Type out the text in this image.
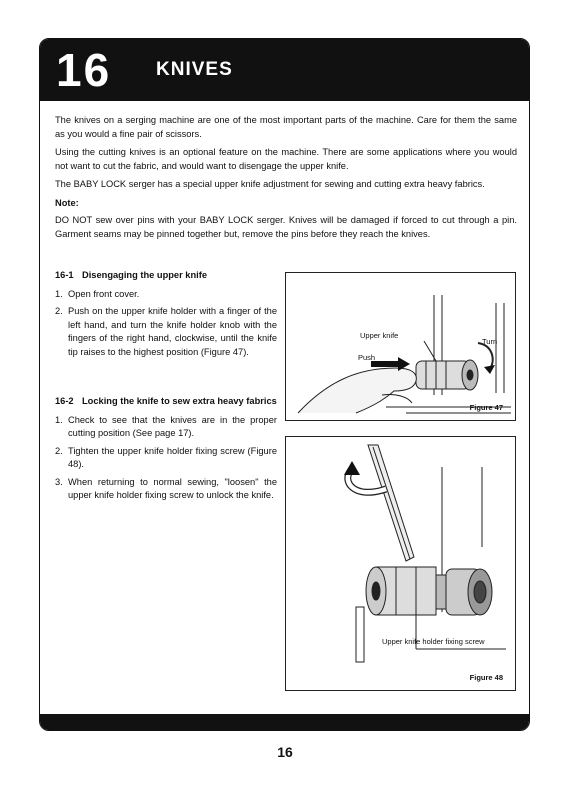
16 KNIVES

The knives on a serging machine are one of the most important parts of the machine. Care for them the same as you would a fine pair of scissors.

Using the cutting knives is an optional feature on the machine. There are some applications where you would not want to cut the fabric, and would want to disengage the upper knife.

The BABY LOCK serger has a special upper knife adjustment for sewing and cutting extra heavy fabrics.

Note:

DO NOT sew over pins with your BABY LOCK serger. Knives will be damaged if forced to cut through a pin. Garment seams may be pinned together but, remove the pins before they reach the knives.

16-1 Disengaging the upper knife
1. Open front cover.
2. Push on the upper knife holder with a finger of the left hand, and turn the knife holder knob with the fingers of the right hand, clockwise, until the knife tip raises to the highest position (Figure 47).
16-2 Locking the knife to sew extra heavy fabrics
1. Check to see that the knives are in the proper cutting position (See page 17).
2. Tighten the upper knife holder fixing screw (Figure 48).
3. When returning to normal sewing, "loosen" the upper knife holder fixing screw to unlock the knife.
Upper knife
Turn
Push
Figure 47
Upper knife holder fixing screw
Figure 48
16
